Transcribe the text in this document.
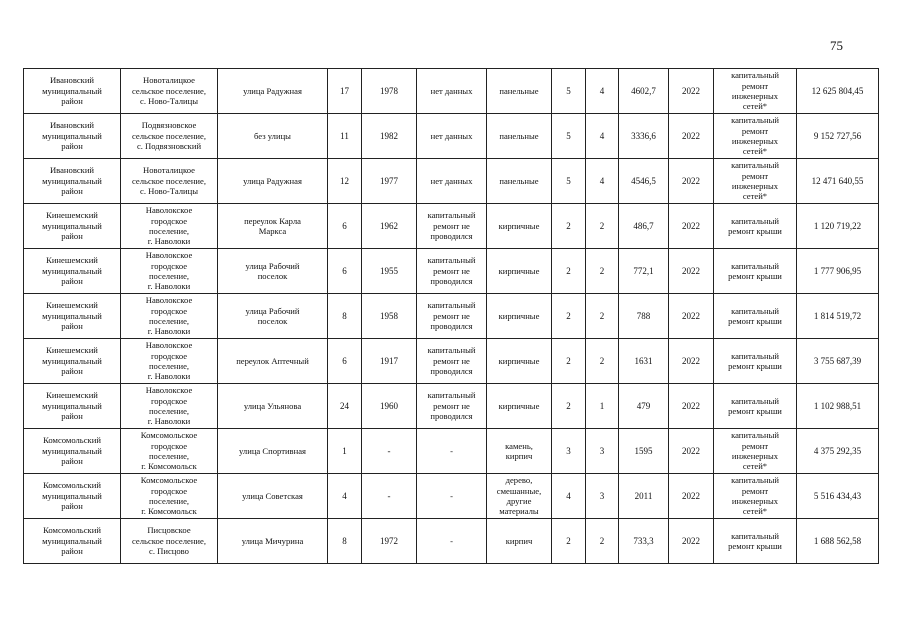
75
Ивановский
муниципальный
район	Новоталицкое
сельское поселение,
с. Ново-Талицы	улица Радужная	17	1978	нет данных	панельные	5	4	4602,7	2022	капитальный
ремонт
инженерных
сетей*	12 625 804,45
Ивановский
муниципальный
район	Подвязновское
сельское поселение,
с. Подвязновский	без улицы	11	1982	нет данных	панельные	5	4	3336,6	2022	капитальный
ремонт
инженерных
сетей*	9 152 727,56
Ивановский
муниципальный
район	Новоталицкое
сельское поселение,
с. Ново-Талицы	улица Радужная	12	1977	нет данных	панельные	5	4	4546,5	2022	капитальный
ремонт
инженерных
сетей*	12 471 640,55
Кинешемский
муниципальный
район	Наволокское
городское
поселение,
г. Наволоки	переулок Карла
Маркса	6	1962	капитальный
ремонт не
проводился	кирпичные	2	2	486,7	2022	капитальный
ремонт крыши	1 120 719,22
Кинешемский
муниципальный
район	Наволокское
городское
поселение,
г. Наволоки	улица Рабочий
поселок	6	1955	капитальный
ремонт не
проводился	кирпичные	2	2	772,1	2022	капитальный
ремонт крыши	1 777 906,95
Кинешемский
муниципальный
район	Наволокское
городское
поселение,
г. Наволоки	улица Рабочий
поселок	8	1958	капитальный
ремонт не
проводился	кирпичные	2	2	788	2022	капитальный
ремонт крыши	1 814 519,72
Кинешемский
муниципальный
район	Наволокское
городское
поселение,
г. Наволоки	переулок Аптечный	6	1917	капитальный
ремонт не
проводился	кирпичные	2	2	1631	2022	капитальный
ремонт крыши	3 755 687,39
Кинешемский
муниципальный
район	Наволокское
городское
поселение,
г. Наволоки	улица Ульянова	24	1960	капитальный
ремонт не
проводился	кирпичные	2	1	479	2022	капитальный
ремонт крыши	1 102 988,51
Комсомольский
муниципальный
район	Комсомольское
городское
поселение,
г. Комсомольск	улица Спортивная	1	-	-	камень,
кирпич	3	3	1595	2022	капитальный
ремонт
инженерных
сетей*	4 375 292,35
Комсомольский
муниципальный
район	Комсомольское
городское
поселение,
г. Комсомольск	улица Советская	4	-	-	дерево,
смешанные,
другие
материалы	4	3	2011	2022	капитальный
ремонт
инженерных
сетей*	5 516 434,43
Комсомольский
муниципальный
район	Писцовское
сельское поселение,
с. Писцово	улица Мичурина	8	1972	-	кирпич	2	2	733,3	2022	капитальный
ремонт крыши	1 688 562,58
